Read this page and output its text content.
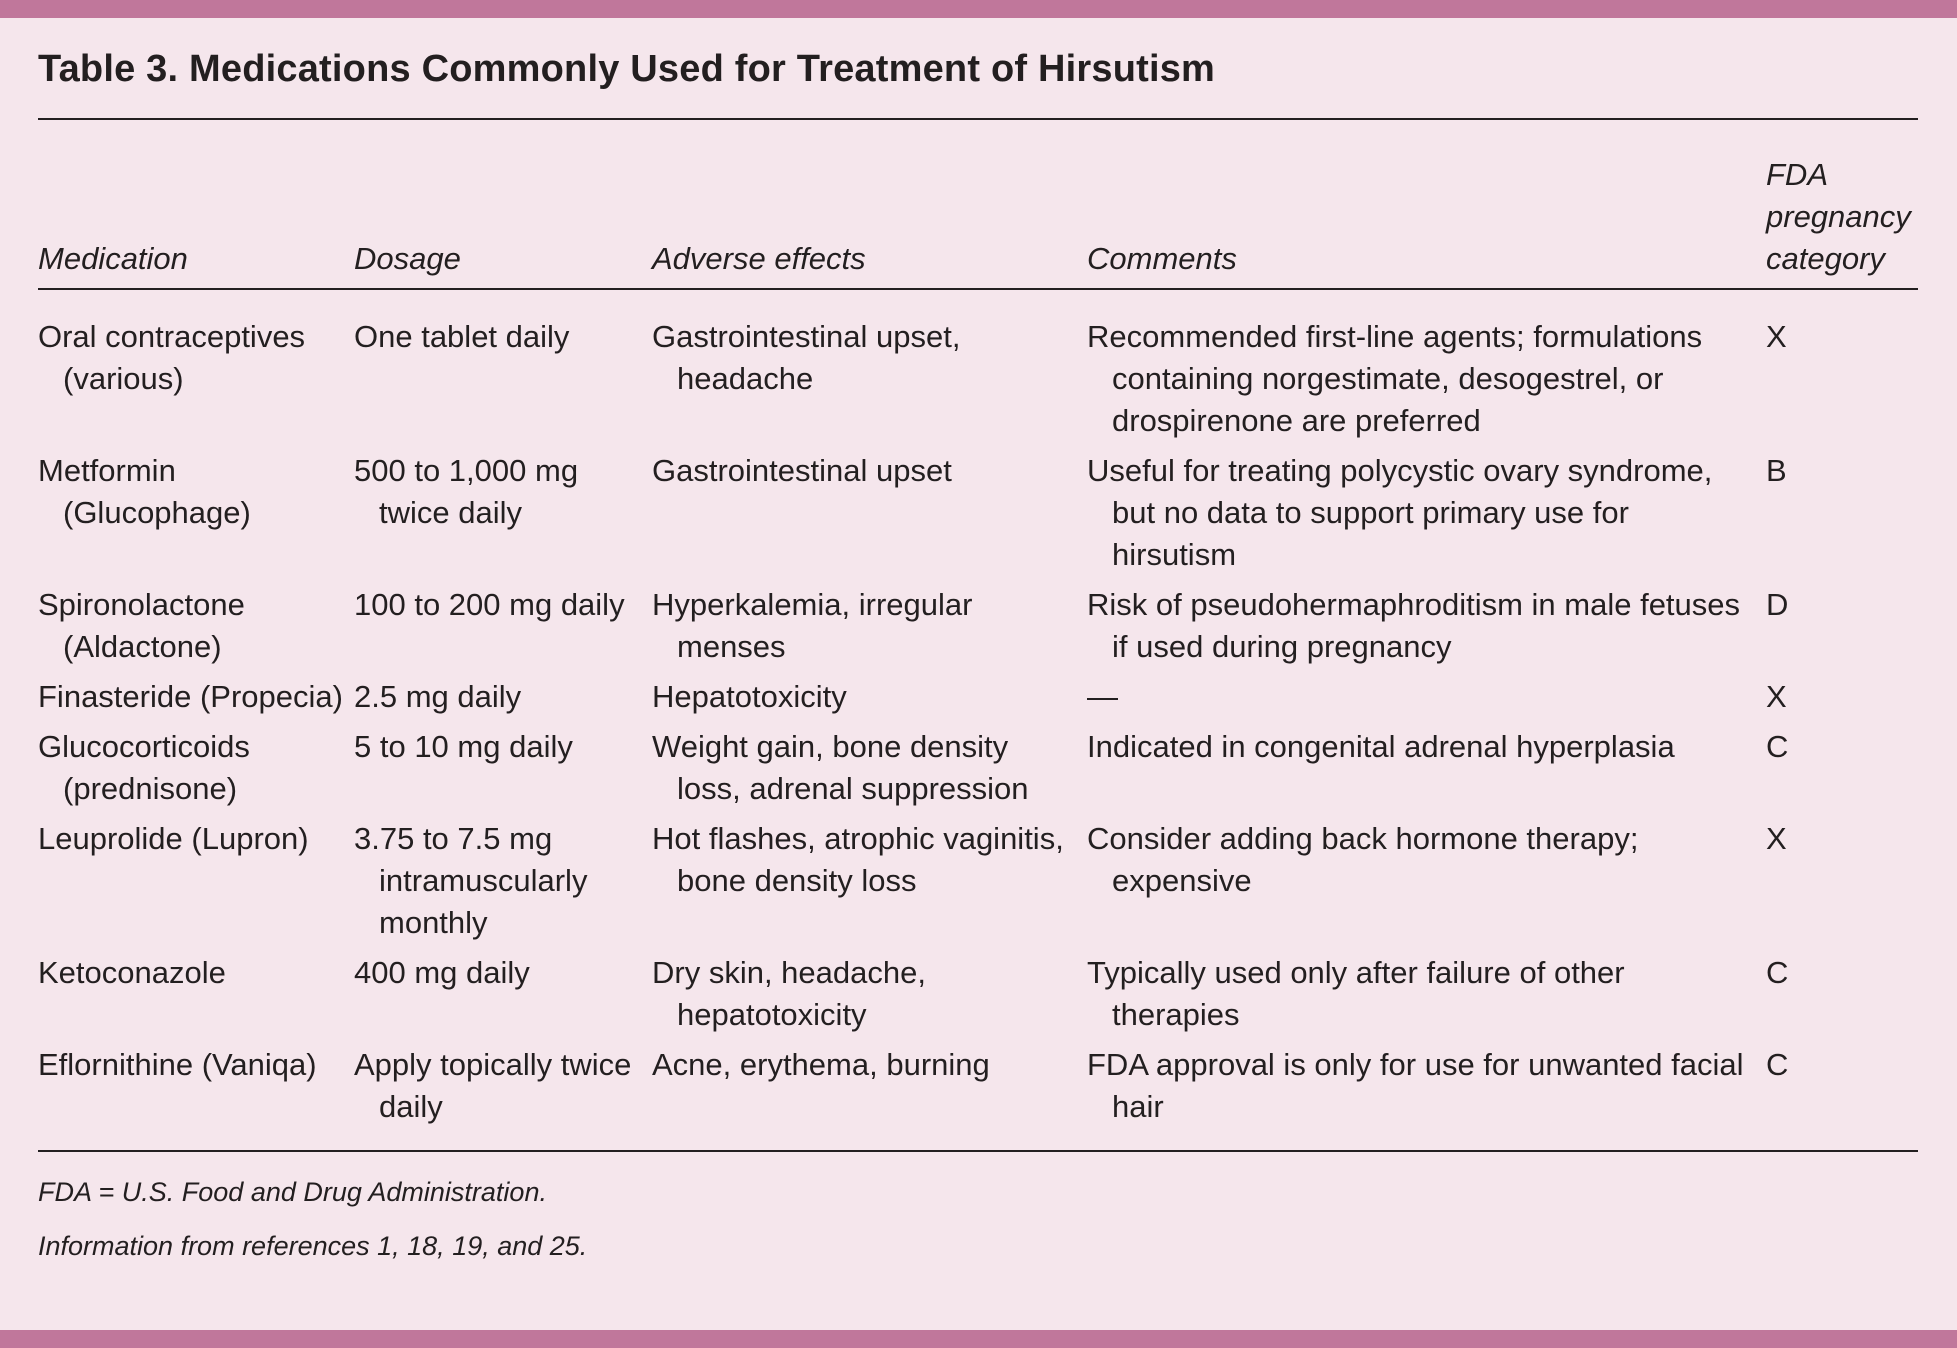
Table 3. Medications Commonly Used for Treatment of Hirsutism
Medication	Dosage	Adverse effects	Comments	FDA
pregnancy
category

Oral contraceptives (various)	One tablet daily	Gastrointestinal upset, headache	Recommended first-line agents; formulations containing norgestimate, desogestrel, or drospirenone are preferred	X

Metformin (Glucophage)	500 to 1,000 mg twice daily	Gastrointestinal upset	Useful for treating polycystic ovary syndrome, but no data to support primary use for hirsutism	B

Spironolactone (Aldactone)	100 to 200 mg daily	Hyperkalemia, irregular menses	Risk of pseudohermaphroditism in male fetuses if used during pregnancy	D

Finasteride (Propecia)	2.5 mg daily	Hepatotoxicity	—	X

Glucocorticoids (prednisone)	5 to 10 mg daily	Weight gain, bone density loss, adrenal suppression	Indicated in congenital adrenal hyperplasia	C

Leuprolide (Lupron)	3.75 to 7.5 mg intramuscularly monthly	Hot flashes, atrophic vaginitis, bone density loss	Consider adding back hormone therapy; expensive	X

Ketoconazole	400 mg daily	Dry skin, headache, hepatotoxicity	Typically used only after failure of other therapies	C

Eflornithine (Vaniqa)	Apply topically twice daily	Acne, erythema, burning	FDA approval is only for use for unwanted facial hair	C

FDA = U.S. Food and Drug Administration.

Information from references 1, 18, 19, and 25.
